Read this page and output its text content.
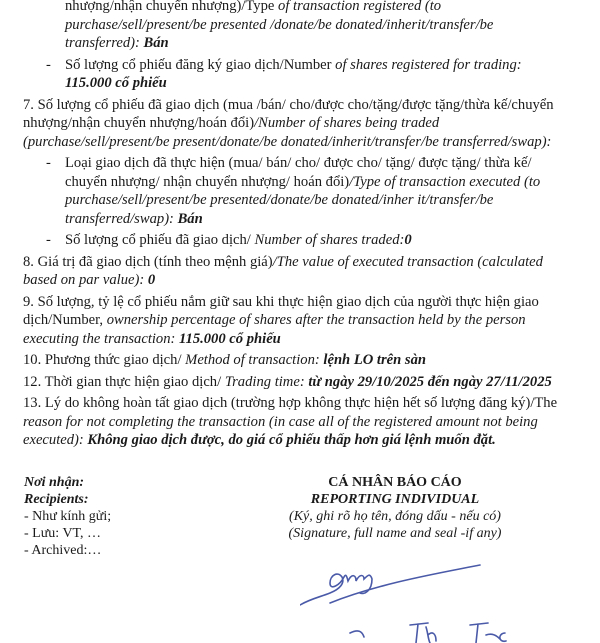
nhượng/nhận chuyển nhượng)/Type of transaction registered (to purchase/sell/present/be presented /donate/be donated/inherit/transfer/be transferred): Bán

- Số lượng cổ phiếu đăng ký giao dịch/Number of shares registered for trading: 115.000 cổ phiếu

7. Số lượng cổ phiếu đã giao dịch (mua /bán/ cho/được cho/tặng/được tặng/thừa kế/chuyển nhượng/nhận chuyển nhượng/hoán đổi)/Number of shares being traded (purchase/sell/present/be present/donate/be donated/inherit/transfer/be transferred/swap):

- Loại giao dịch đã thực hiện (mua/ bán/ cho/ được cho/ tặng/ được tặng/ thừa kế/ chuyển nhượng/ nhận chuyển nhượng/ hoán đổi)/Type of transaction executed (to purchase/sell/present/be presented/donate/be donated/inher it/transfer/be transferred/swap): Bán

- Số lượng cổ phiếu đã giao dịch/ Number of shares traded:0

8. Giá trị đã giao dịch (tính theo mệnh giá)/The value of executed transaction (calculated based on par value): 0

9. Số lượng, tỷ lệ cổ phiếu nắm giữ sau khi thực hiện giao dịch của người thực hiện giao dịch/Number, ownership percentage of shares after the transaction held by the person executing the transaction: 115.000 cổ phiếu

10. Phương thức giao dịch/ Method of transaction: lệnh LO trên sàn

12. Thời gian thực hiện giao dịch/ Trading time: từ ngày 29/10/2025 đến ngày 27/11/2025

13. Lý do không hoàn tất giao dịch (trường hợp không thực hiện hết số lượng đăng ký)/The reason for not completing the transaction (in case all of the registered amount not being executed): Không giao dịch được, do giá cổ phiếu thấp hơn giá lệnh muốn đặt.

Nơi nhận:
Recipients:
- Như kính gửi;
- Lưu: VT, …
- Archived:…
CÁ NHÂN BÁO CÁO
REPORTING INDIVIDUAL
(Ký, ghi rõ họ tên, đóng dấu - nếu có)
(Signature, full name and seal -if any)
